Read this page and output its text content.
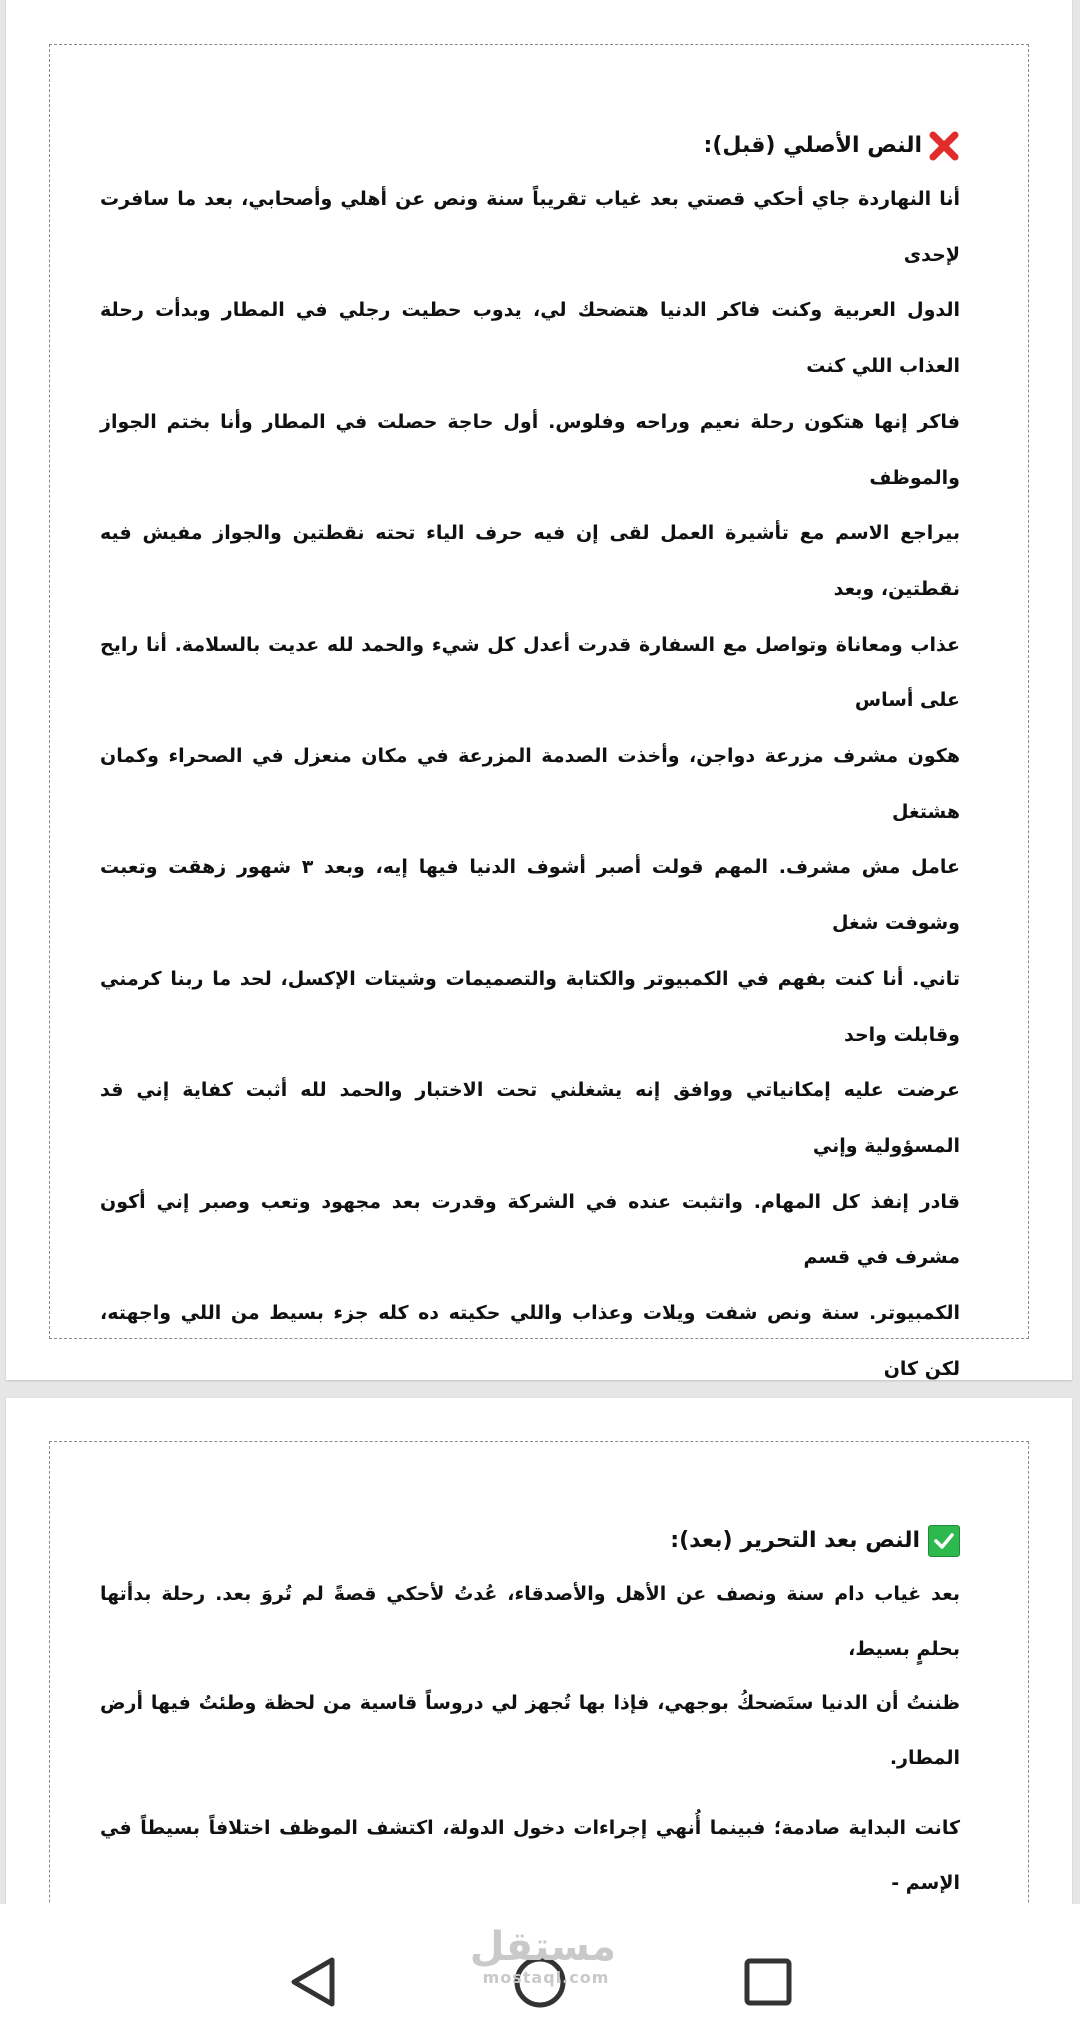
النص الأصلي (قبل):

أنا النهاردة جاي أحكي قصتي بعد غياب تقريباً سنة ونص عن أهلي وأصحابي، بعد ما سافرت لإحدى

الدول العربية وكنت فاكر الدنيا هتضحك لي، يدوب حطيت رجلي في المطار وبدأت رحلة العذاب اللي كنت

فاكر إنها هتكون رحلة نعيم وراحه وفلوس. أول حاجة حصلت في المطار وأنا بختم الجواز والموظف

بيراجع الاسم مع تأشيرة العمل لقى إن فيه حرف الياء تحته نقطتين والجواز مفيش فيه نقطتين، وبعد

عذاب ومعاناة وتواصل مع السفارة قدرت أعدل كل شيء والحمد لله عديت بالسلامة. أنا رايح على أساس

هكون مشرف مزرعة دواجن، وأخذت الصدمة المزرعة في مكان منعزل في الصحراء وكمان هشتغل

عامل مش مشرف. المهم قولت أصبر أشوف الدنيا فيها إيه، وبعد ٣ شهور زهقت وتعبت وشوفت شغل

تاني. أنا كنت بفهم في الكمبيوتر والكتابة والتصميمات وشيتات الإكسل، لحد ما ربنا كرمني وقابلت واحد

عرضت عليه إمكانياتي ووافق إنه يشغلني تحت الاختبار والحمد لله أثبت كفاية إني قد المسؤولية وإني

قادر إنفذ كل المهام. واتثبت عنده في الشركة وقدرت بعد مجهود وتعب وصبر إني أكون مشرف في قسم

الكمبيوتر. سنة ونص شفت ويلات وعذاب واللي حكيته ده كله جزء بسيط من اللي واجهته، لكن كان

النص بعد التحرير (بعد):

بعد غياب دام سنة ونصف عن الأهل والأصدقاء، عُدتُ لأحكي قصةً لم تُروَ بعد. رحلة بدأتها بحلمٍ بسيط،

ظننتُ أن الدنيا ستَضحكُ بوجهي، فإذا بها تُجهز لي دروساً قاسية من لحظة وطئتُ فيها أرض المطار.

كانت البداية صادمة؛ فبينما أُنهي إجراءات دخول الدولة، اكتشف الموظف اختلافاً بسيطاً في الإسم -

مستقل
mostaql.com
